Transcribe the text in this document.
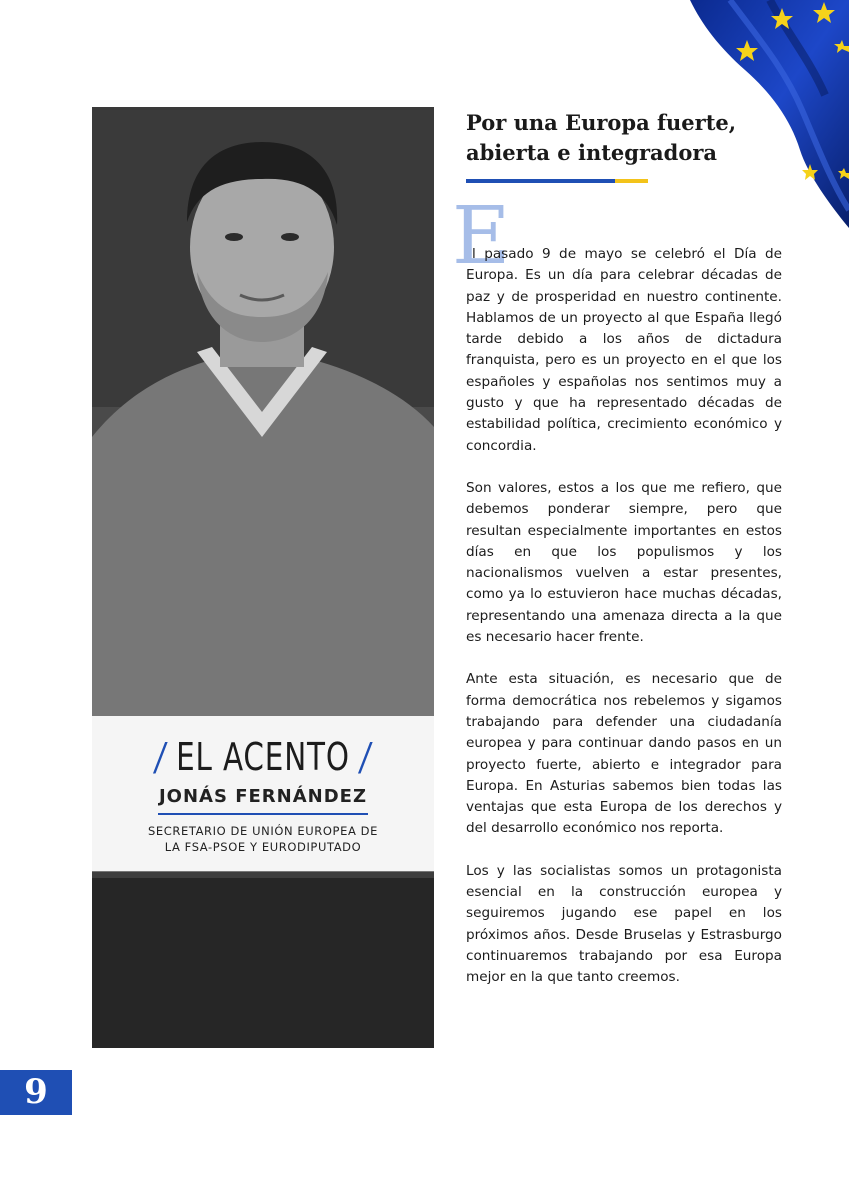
/ EL ACENTO /
JONÁS FERNÁNDEZ
SECRETARIO DE UNIÓN EUROPEA DE
LA FSA-PSOE Y EURODIPUTADO
Por una Europa fuerte,
abierta e integradora
E

l pasado 9 de mayo se celebró el Día de Europa. Es un día para celebrar décadas de paz y de prosperidad en nuestro continente. Hablamos de un proyecto al que España llegó tarde debido a los años de dictadura franquista, pero es un proyecto en el que los españoles y españolas nos sentimos muy a gusto y que ha representado décadas de estabilidad política, crecimiento económico y concordia.

Son valores, estos a los que me refiero, que debemos ponderar siempre, pero que resultan especialmente importantes en estos días en que los populismos y los nacionalismos vuelven a estar presentes, como ya lo estuvieron hace muchas décadas, representando una amenaza directa a la que es necesario hacer frente.

Ante esta situación, es necesario que de forma democrática nos rebelemos y sigamos trabajando para defender una ciudadanía europea y para continuar dando pasos en un proyecto fuerte, abierto e integrador para Europa. En Asturias sabemos bien todas las ventajas que esta Europa de los derechos y del desarrollo económico nos reporta.

Los y las socialistas somos un protagonista esencial en la construcción europea y seguiremos jugando ese papel en los próximos años. Desde Bruselas y Estrasburgo continuaremos trabajando por esa Europa mejor en la que tanto creemos.

9
